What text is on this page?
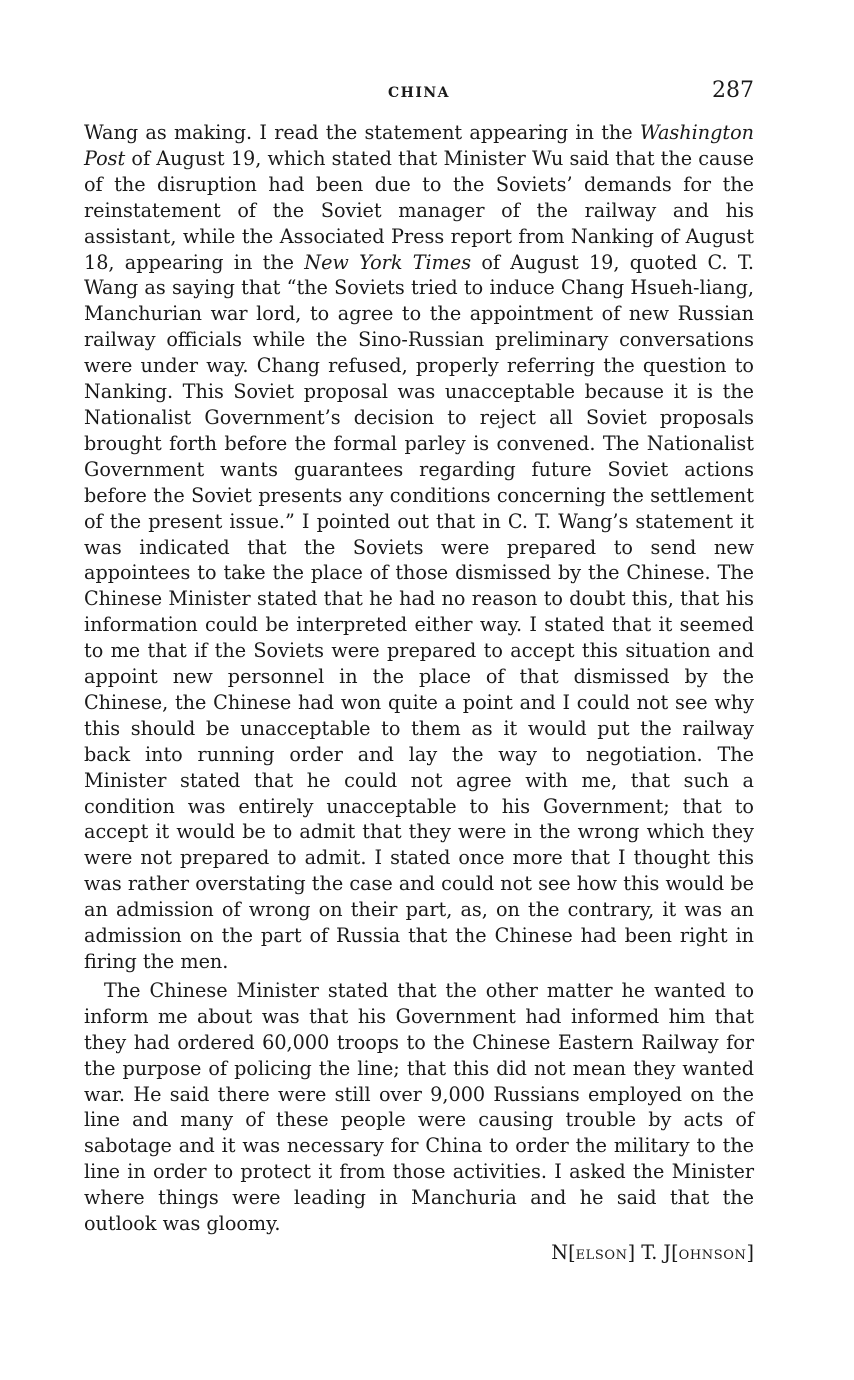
CHINA	287

Wang as making. I read the statement appearing in the Washington Post of August 19, which stated that Minister Wu said that the cause of the disruption had been due to the Soviets’ demands for the reinstatement of the Soviet manager of the railway and his assistant, while the Associated Press report from Nanking of August 18, appearing in the New York Times of August 19, quoted C. T. Wang as saying that “the Soviets tried to induce Chang Hsueh-liang, Manchurian war lord, to agree to the appointment of new Russian railway officials while the Sino-Russian preliminary conversations were under way. Chang refused, properly referring the question to Nanking. This Soviet proposal was unacceptable because it is the Nationalist Government’s decision to reject all Soviet proposals brought forth before the formal parley is convened. The Nationalist Government wants guarantees regarding future Soviet actions before the Soviet presents any conditions concerning the settlement of the present issue.” I pointed out that in C. T. Wang’s statement it was indicated that the Soviets were prepared to send new appointees to take the place of those dismissed by the Chinese. The Chinese Minister stated that he had no reason to doubt this, that his information could be interpreted either way. I stated that it seemed to me that if the Soviets were prepared to accept this situation and appoint new personnel in the place of that dismissed by the Chinese, the Chinese had won quite a point and I could not see why this should be unacceptable to them as it would put the railway back into running order and lay the way to negotiation. The Minister stated that he could not agree with me, that such a condition was entirely unacceptable to his Government; that to accept it would be to admit that they were in the wrong which they were not prepared to admit. I stated once more that I thought this was rather overstating the case and could not see how this would be an admission of wrong on their part, as, on the contrary, it was an admission on the part of Russia that the Chinese had been right in firing the men.

The Chinese Minister stated that the other matter he wanted to inform me about was that his Government had informed him that they had ordered 60,000 troops to the Chinese Eastern Railway for the purpose of policing the line; that this did not mean they wanted war. He said there were still over 9,000 Russians employed on the line and many of these people were causing trouble by acts of sabotage and it was necessary for China to order the military to the line in order to protect it from those activities. I asked the Minister where things were leading in Manchuria and he said that the outlook was gloomy.

N[ELSON] T. J[OHNSON]
